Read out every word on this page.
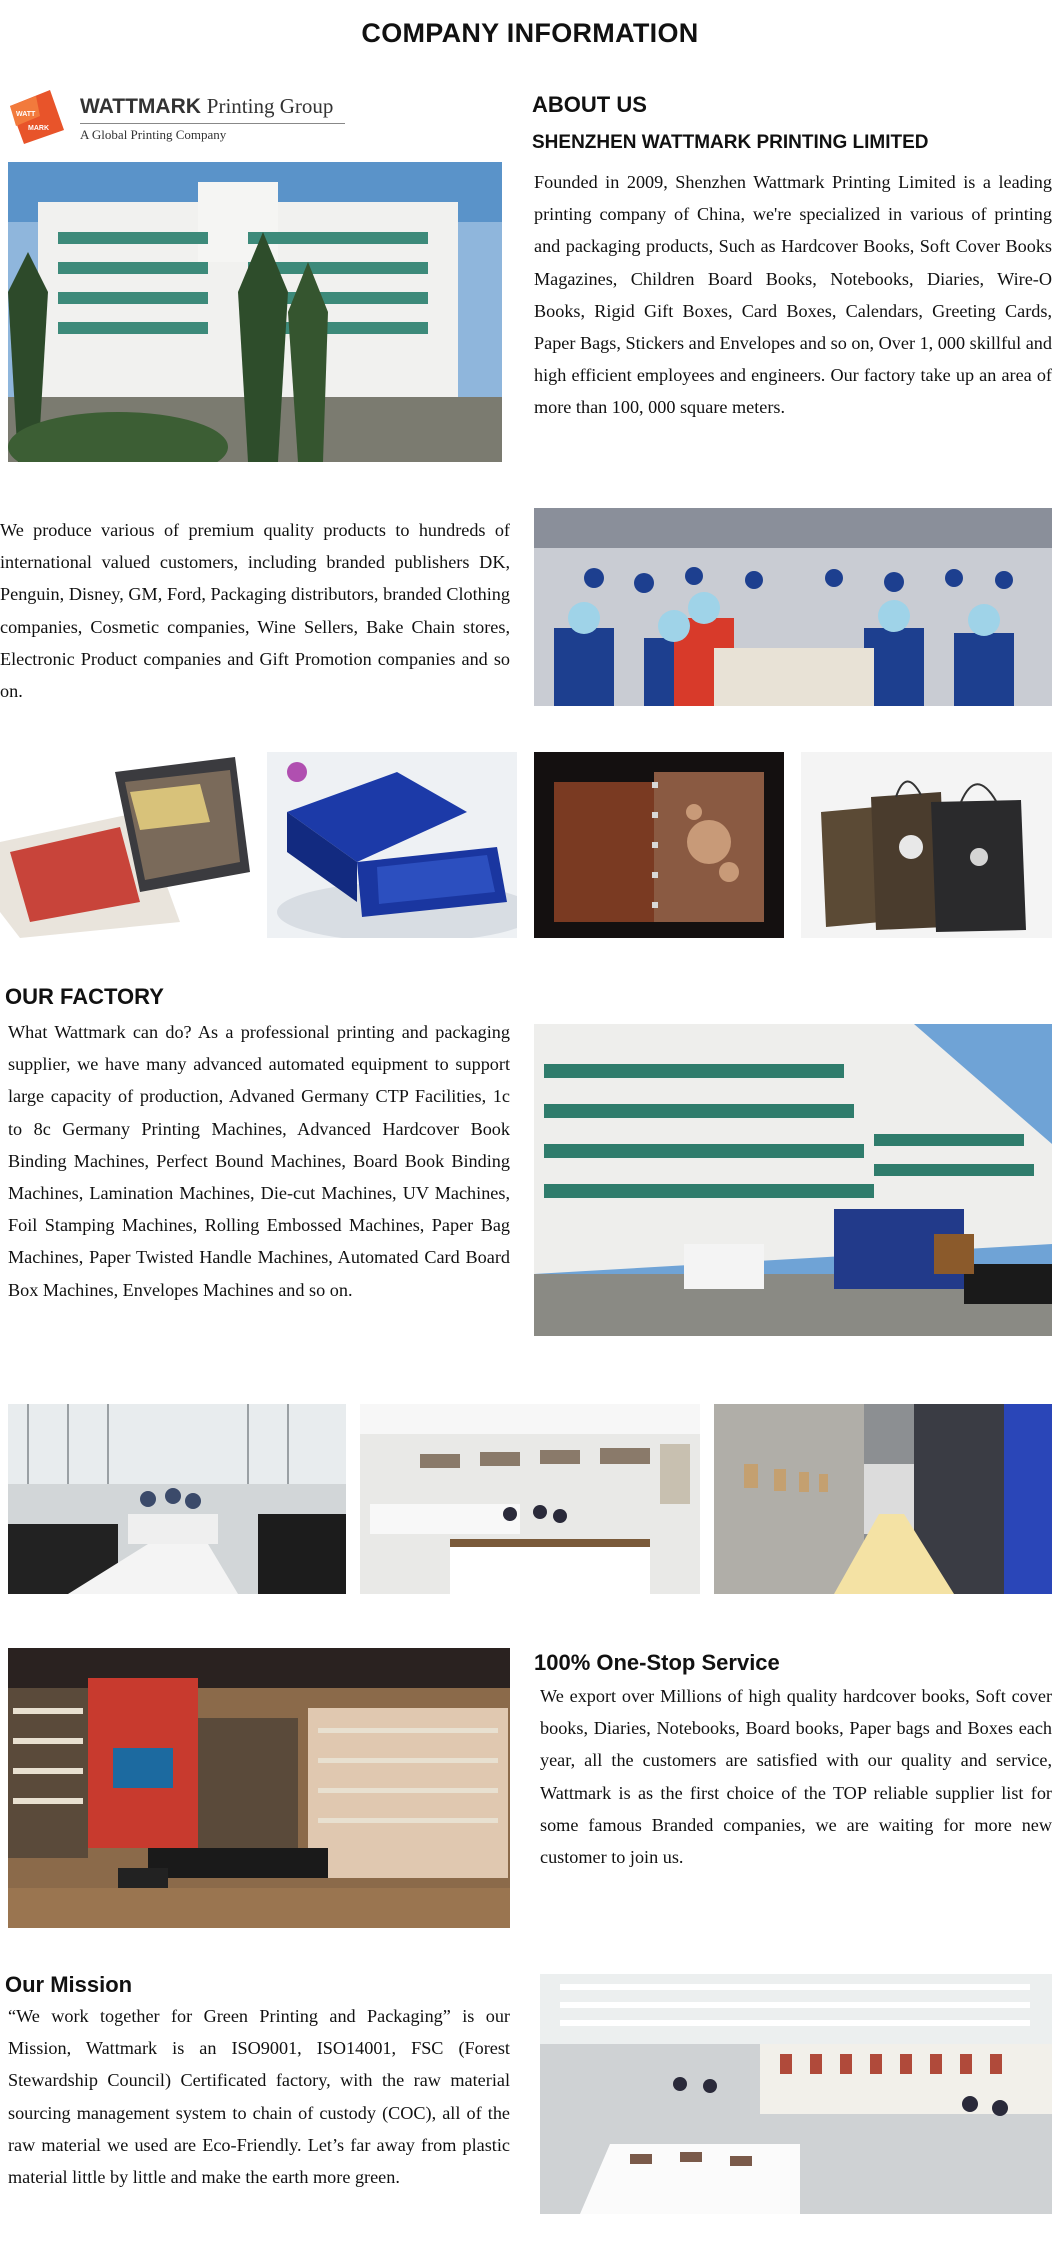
COMPANY INFORMATION
WATT
MARK
WATTMARK Printing Group
A Global Printing Company
ABOUT US
SHENZHEN WATTMARK PRINTING LIMITED

Founded in 2009, Shenzhen Wattmark Printing Limited is a leading printing company of China, we're specialized in various of printing and packaging products, Such as Hardcover Books, Soft Cover Books Magazines, Children Board Books, Notebooks, Diaries, Wire-O Books, Rigid Gift Boxes, Card Boxes, Calendars, Greeting Cards, Paper Bags, Stickers and Envelopes and so on, Over 1, 000 skillful and high efficient employees and engineers. Our factory take up an area of more than 100, 000 square meters.

We produce various of premium quality products to hundreds of international valued customers, including branded publishers DK, Penguin, Disney, GM, Ford, Packaging distributors, branded Clothing companies, Cosmetic companies, Wine Sellers, Bake Chain stores, Electronic Product companies and Gift Promotion companies and so on.

OUR FACTORY

What Wattmark can do? As a professional printing and packaging supplier, we have many advanced automated equipment to support large capacity of production, Advaned Germany CTP Facilities, 1c to 8c Germany Printing Machines, Advanced Hardcover Book Binding Machines, Perfect Bound Machines, Board Book Binding Machines, Lamination Machines, Die-cut Machines, UV Machines, Foil Stamping Machines, Rolling Embossed Machines, Paper Bag Machines, Paper Twisted Handle Machines, Automated Card Board Box Machines, Envelopes Machines and so on.

100% One-Stop Service

We export over Millions of high quality hardcover books, Soft cover books, Diaries, Notebooks, Board books, Paper bags and Boxes each year, all the customers are satisfied with our quality and service, Wattmark is as the first choice of the TOP reliable supplier list for some famous Branded companies, we are waiting for more new customer to join us.

Our Mission

“We work together for Green Printing and Packaging” is our Mission, Wattmark is an ISO9001, ISO14001, FSC (Forest Stewardship Council) Certificated factory, with the raw material sourcing management system to chain of custody (COC), all of the raw material we used are Eco-Friendly. Let’s far away from plastic material little by little and make the earth more green.
